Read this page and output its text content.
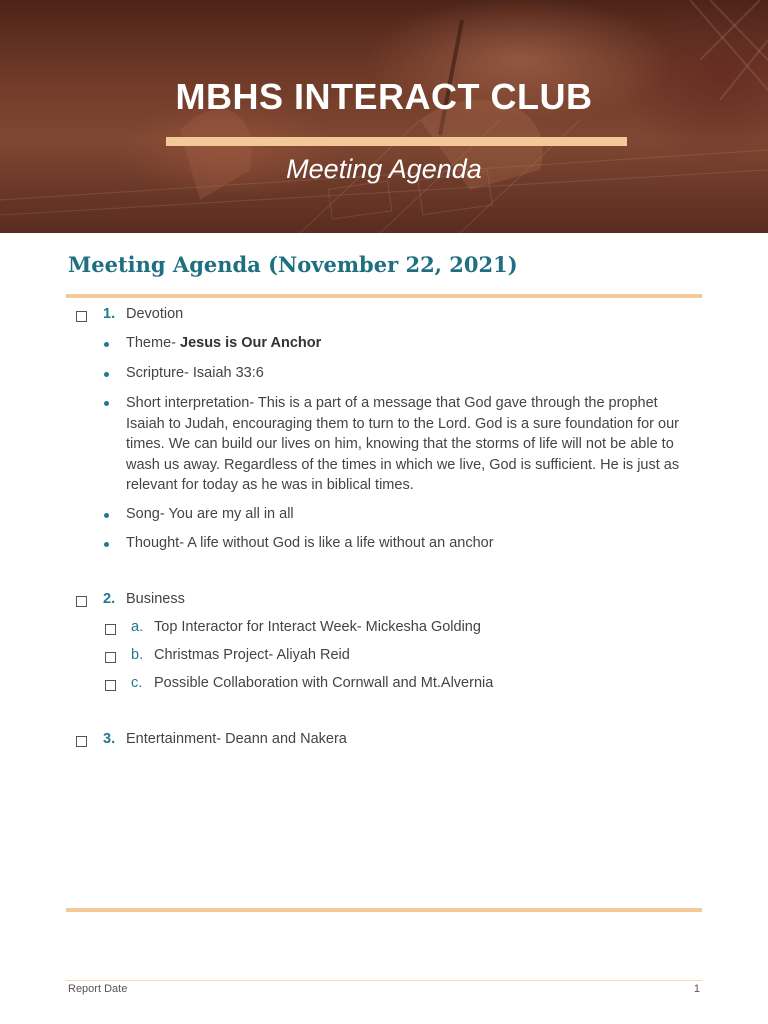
MBHS INTERACT CLUB
Meeting Agenda
Meeting Agenda (November 22, 2021)
1. Devotion
Theme- Jesus is Our Anchor
Scripture- Isaiah 33:6
Short interpretation- This is a part of a message that God gave through the prophet Isaiah to Judah, encouraging them to turn to the Lord. God is a sure foundation for our times. We can build our lives on him, knowing that the storms of life will not be able to wash us away. Regardless of the times in which we live, God is sufficient. He is just as relevant for today as he was in biblical times.
Song- You are my all in all
Thought- A life without God is like a life without an anchor
2. Business
a. Top Interactor for Interact Week- Mickesha Golding
b. Christmas Project- Aliyah Reid
c. Possible Collaboration with Cornwall and Mt.Alvernia
3. Entertainment- Deann and Nakera
Report Date	1
